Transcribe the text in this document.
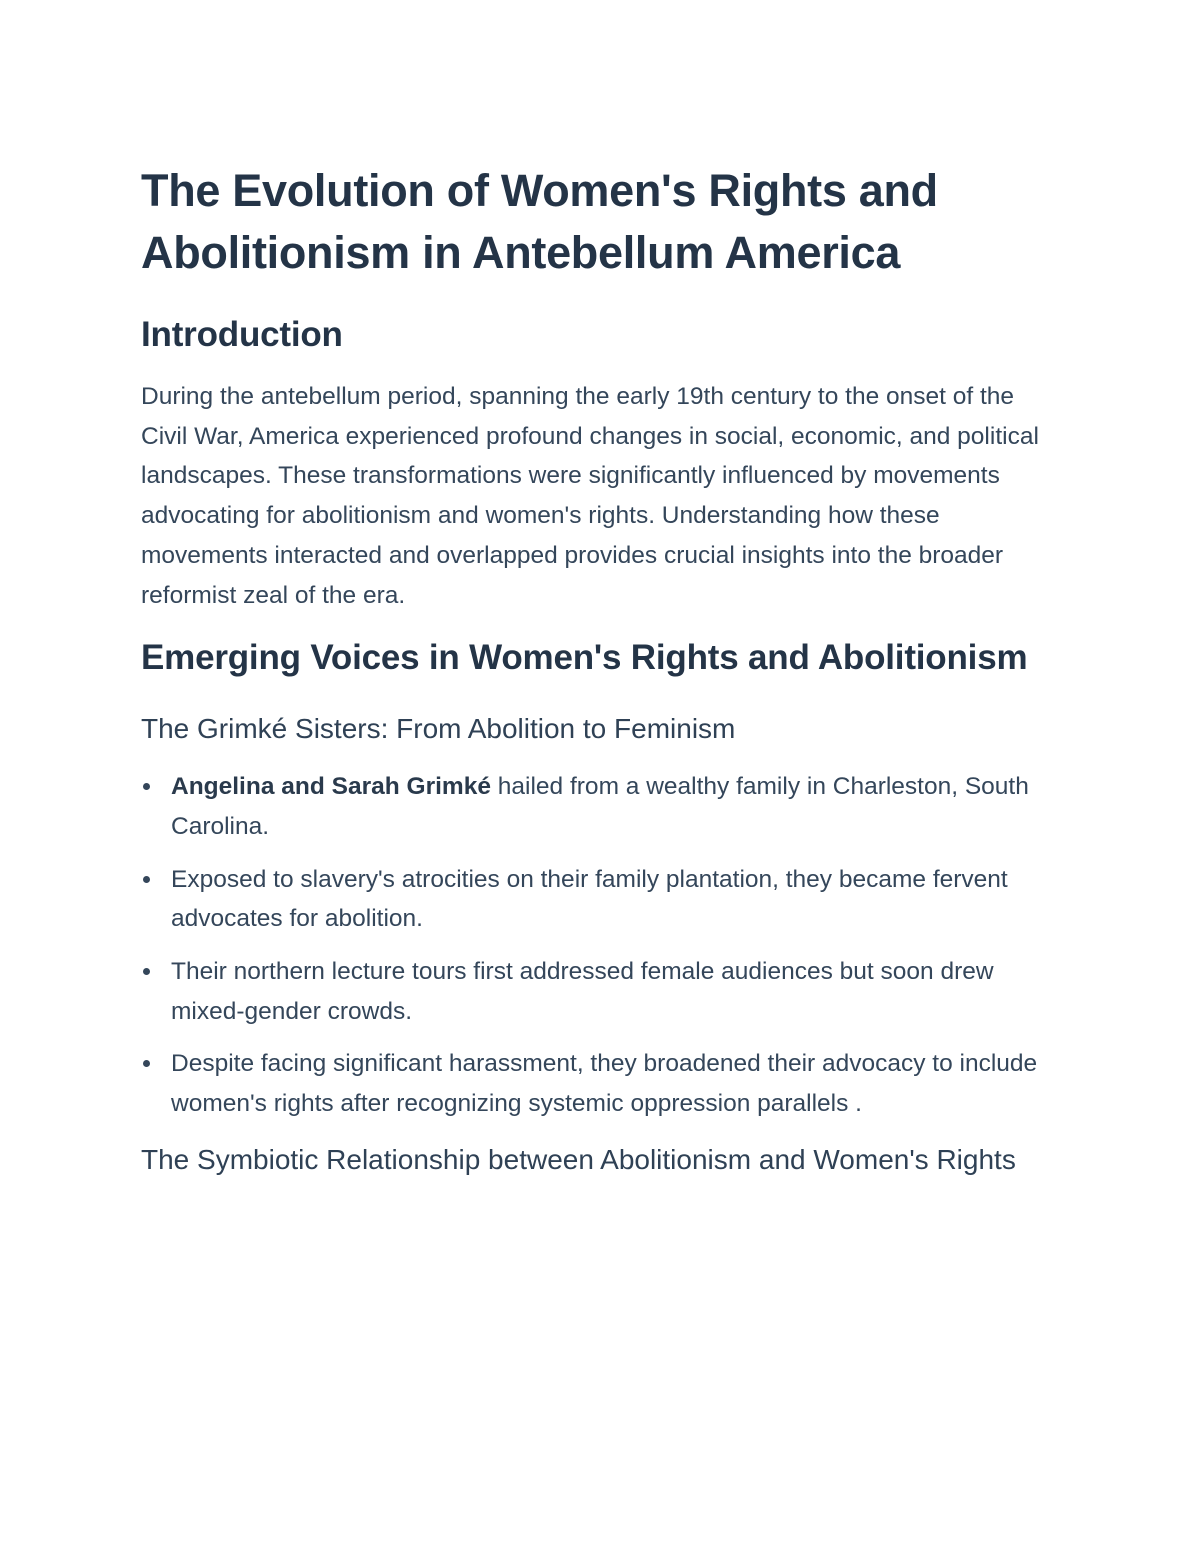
The Evolution of Women's Rights and Abolitionism in Antebellum America
Introduction

During the antebellum period, spanning the early 19th century to the onset of the Civil War, America experienced profound changes in social, economic, and political landscapes. These transformations were significantly influenced by movements advocating for abolitionism and women's rights. Understanding how these movements interacted and overlapped provides crucial insights into the broader reformist zeal of the era.

Emerging Voices in Women's Rights and Abolitionism
The Grimké Sisters: From Abolition to Feminism
Angelina and Sarah Grimké hailed from a wealthy family in Charleston, South Carolina.
Exposed to slavery's atrocities on their family plantation, they became fervent advocates for abolition.
Their northern lecture tours first addressed female audiences but soon drew mixed-gender crowds.
Despite facing significant harassment, they broadened their advocacy to include women's rights after recognizing systemic oppression parallels .
The Symbiotic Relationship between Abolitionism and Women's Rights
